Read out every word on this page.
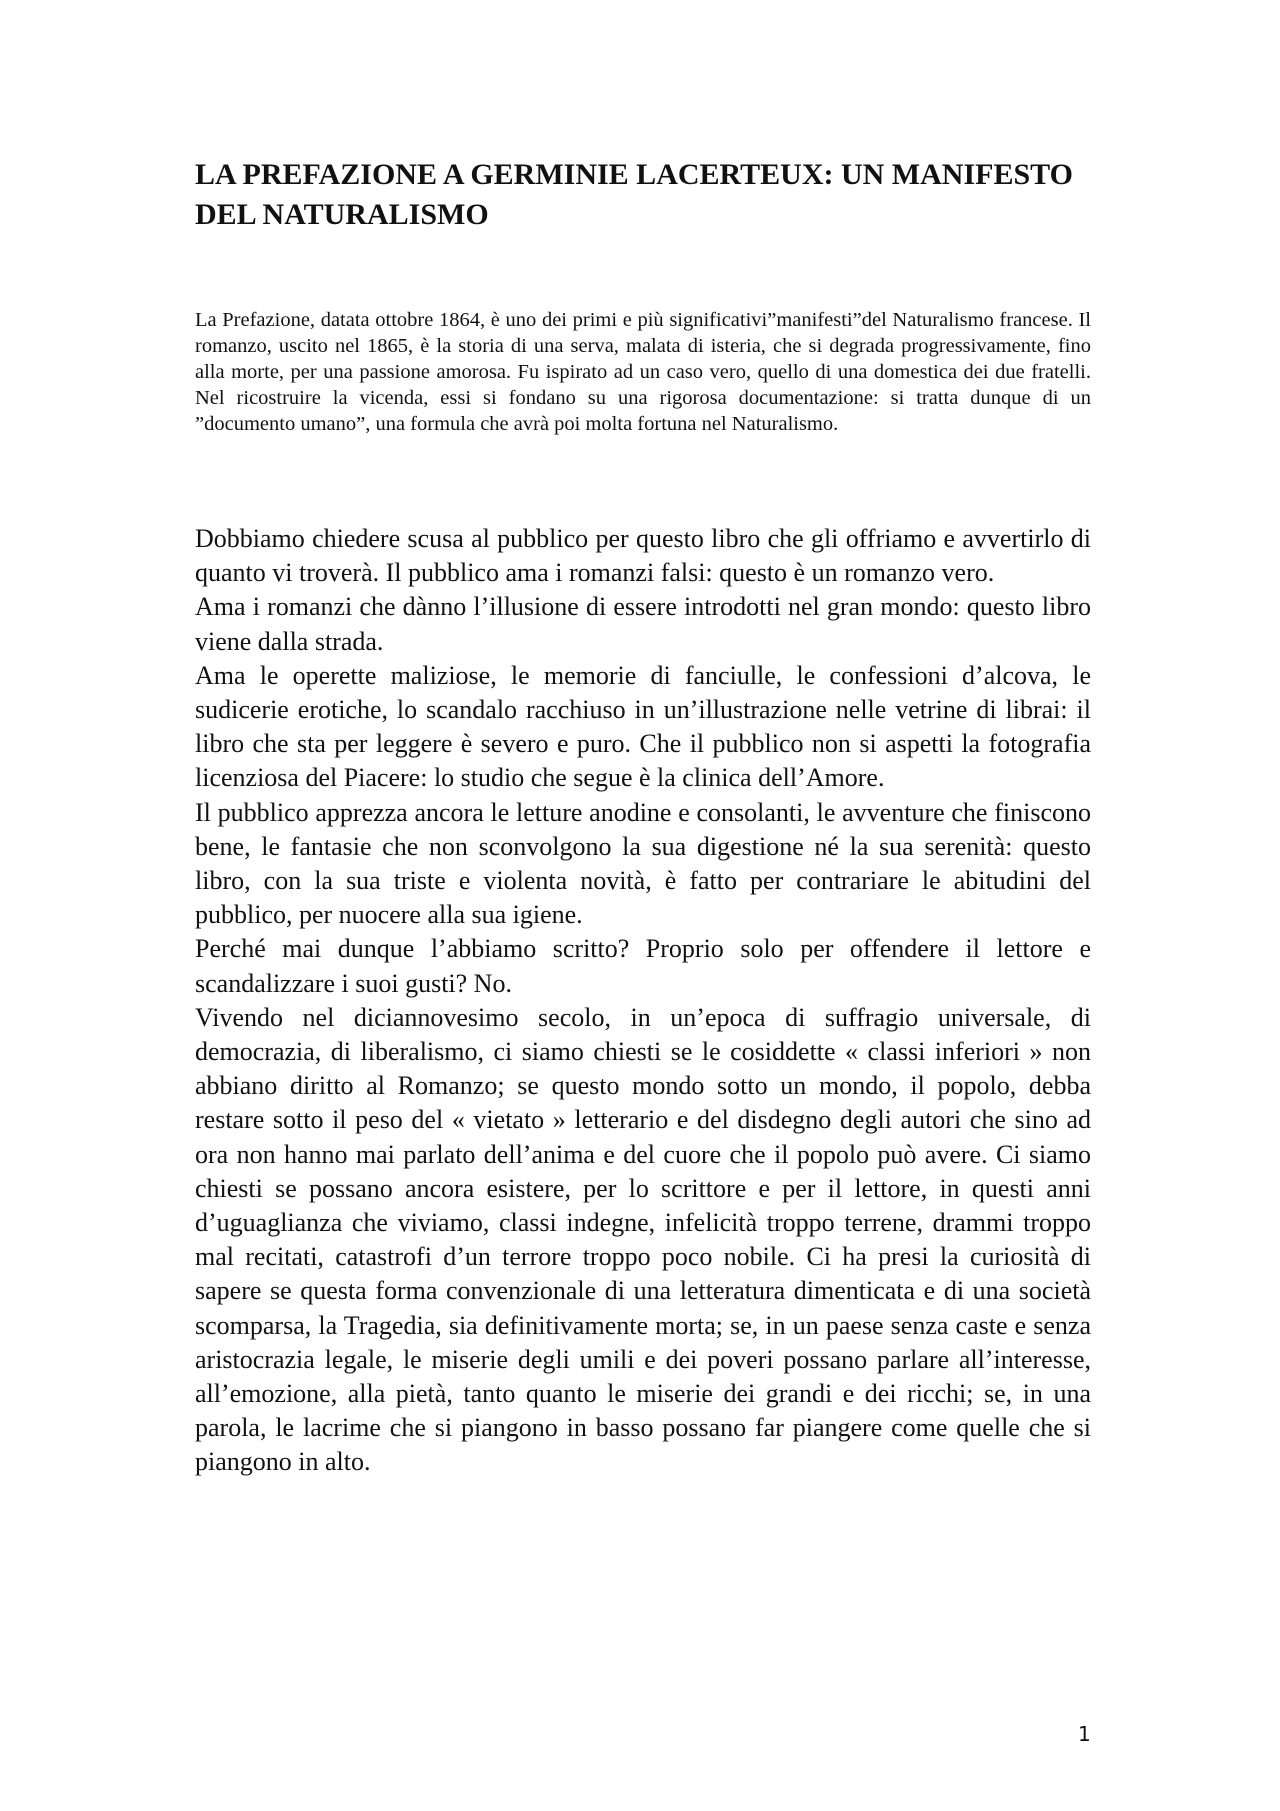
LA PREFAZIONE A GERMINIE LACERTEUX: UN MANIFESTO DEL NATURALISMO

La Prefazione, datata ottobre 1864, è uno dei primi e più significativi”manifesti”del Naturalismo francese. Il romanzo, uscito nel 1865, è la storia di una serva, malata di isteria, che si degrada progressivamente, fino alla morte, per una passione amorosa. Fu ispirato ad un caso vero, quello di una domestica dei due fratelli. Nel ricostruire la vicenda, essi si fondano su una rigorosa documentazione: si tratta dunque di un ”documento umano”, una formula che avrà poi molta fortuna nel Naturalismo.

Dobbiamo chiedere scusa al pubblico per questo libro che gli offriamo e avvertirlo di quanto vi troverà. Il pubblico ama i romanzi falsi: questo è un romanzo vero.

Ama i romanzi che dànno l’illusione di essere introdotti nel gran mondo: questo libro viene dalla strada.

Ama le operette maliziose, le memorie di fanciulle, le confessioni d’alcova, le sudicerie erotiche, lo scandalo racchiuso in un’illustrazione nelle vetrine di librai: il libro che sta per leggere è severo e puro. Che il pubblico non si aspetti la fotografia licenziosa del Piacere: lo studio che segue è la clinica dell’Amore.

Il pubblico apprezza ancora le letture anodine e consolanti, le avventure che finiscono bene, le fantasie che non sconvolgono la sua digestione né la sua serenità: questo libro, con la sua triste e violenta novità, è fatto per contrariare le abitudini del pubblico, per nuocere alla sua igiene.

Perché mai dunque l’abbiamo scritto? Proprio solo per offendere il lettore e scandalizzare i suoi gusti? No.

Vivendo nel diciannovesimo secolo, in un’epoca di suffragio universale, di democrazia, di liberalismo, ci siamo chiesti se le cosiddette « classi inferiori » non abbiano diritto al Romanzo; se questo mondo sotto un mondo, il popolo, debba restare sotto il peso del « vietato » letterario e del disdegno degli autori che sino ad ora non hanno mai parlato dell’anima e del cuore che il popolo può avere. Ci siamo chiesti se possano ancora esistere, per lo scrittore e per il lettore, in questi anni d’uguaglianza che viviamo, classi indegne, infelicità troppo terrene, drammi troppo mal recitati, catastrofi d’un terrore troppo poco nobile. Ci ha presi la curiosità di sapere se questa forma convenzionale di una letteratura dimenticata e di una società scomparsa, la Tragedia, sia definitivamente morta; se, in un paese senza caste e senza aristocrazia legale, le miserie degli umili e dei poveri possano parlare all’interesse, all’emozione, alla pietà, tanto quanto le miserie dei grandi e dei ricchi; se, in una parola, le lacrime che si piangono in basso possano far piangere come quelle che si piangono in alto.

1
